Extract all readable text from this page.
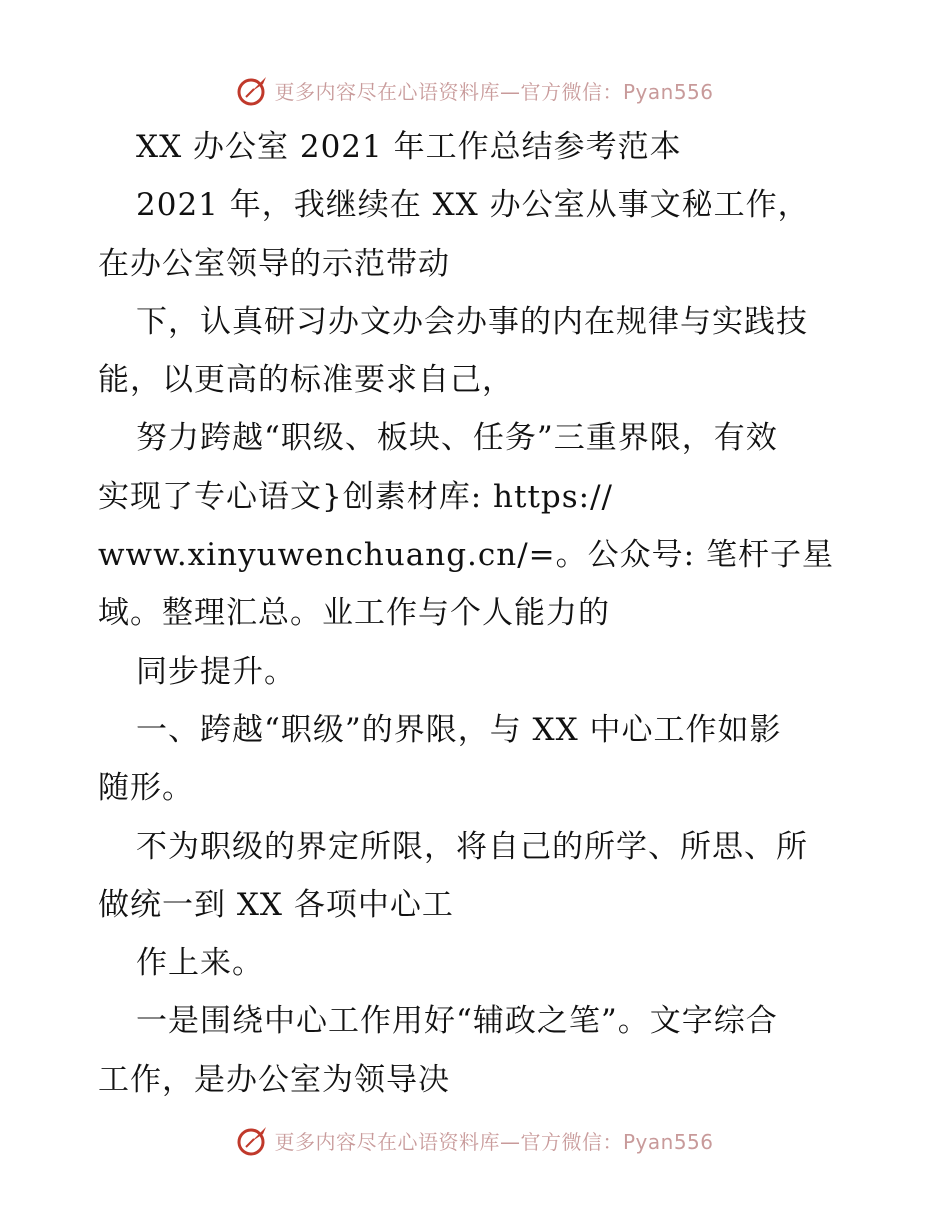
更多内容尽在心语资料库—官方微信：Pyan556
XX 办公室 2021 年工作总结参考范本
2021 年，我继续在 XX 办公室从事文秘工作，
在办公室领导的示范带动
下，认真研习办文办会办事的内在规律与实践技
能，以更高的标准要求自己，
努力跨越“职级、板块、任务”三重界限，有效
实现了专心语文}创素材库: https://
www.xinyuwenchuang.cn/=。公众号: 笔杆子星
域。整理汇总。业工作与个人能力的
同步提升。
一、跨越“职级”的界限，与 XX 中心工作如影
随形。
不为职级的界定所限，将自己的所学、所思、所
做统一到 XX 各项中心工
作上来。
一是围绕中心工作用好“辅政之笔”。文字综合
工作，是办公室为领导决
更多内容尽在心语资料库—官方微信：Pyan556
